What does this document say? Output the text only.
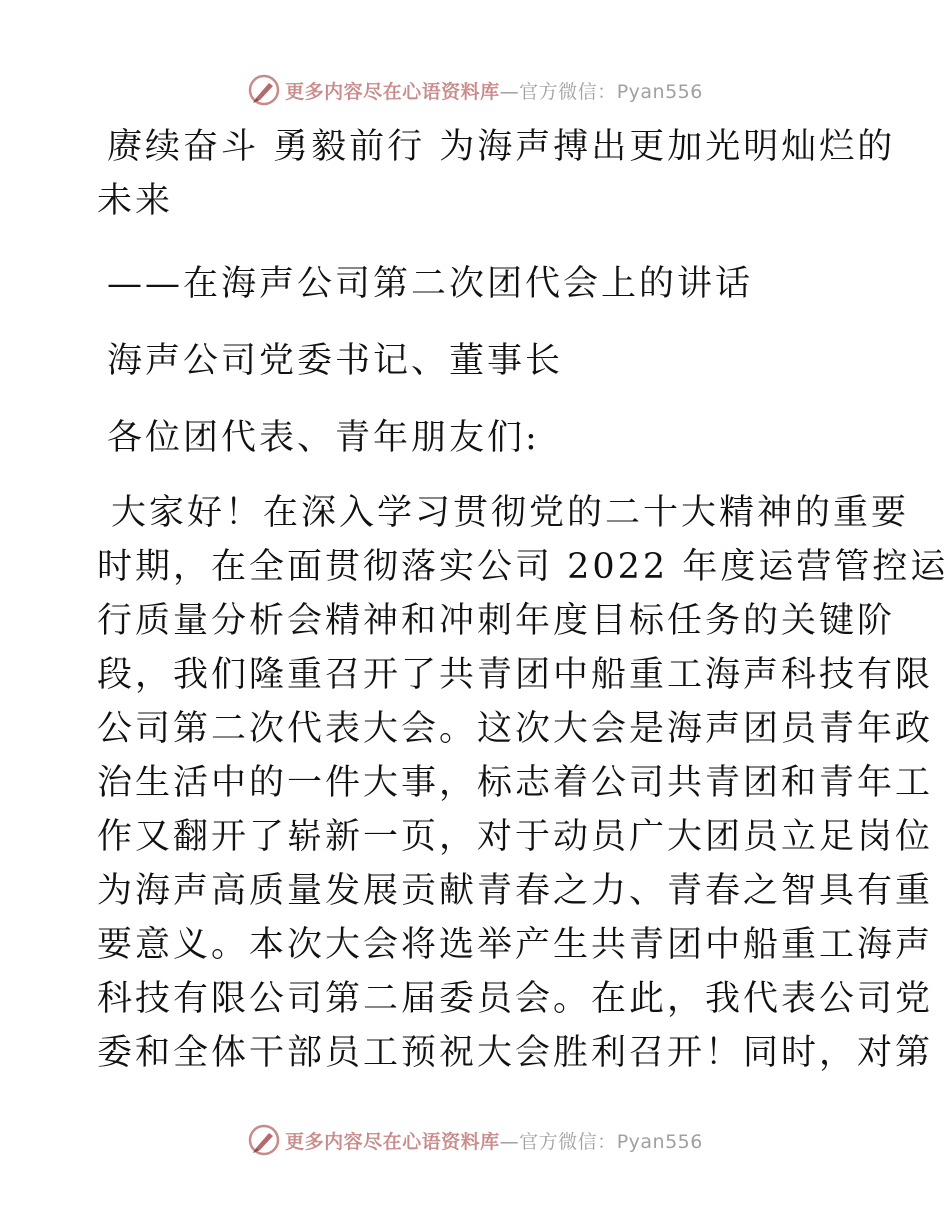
更多内容尽在心语资料库—官方微信：Pyan556
赓续奋斗 勇毅前行 为海声搏出更加光明灿烂的
未来
——在海声公司第二次团代会上的讲话
海声公司党委书记、董事长
各位团代表、青年朋友们:
大家好！在深入学习贯彻党的二十大精神的重要
时期，在全面贯彻落实公司 2022 年度运营管控运
行质量分析会精神和冲刺年度目标任务的关键阶
段，我们隆重召开了共青团中船重工海声科技有限
公司第二次代表大会。这次大会是海声团员青年政
治生活中的一件大事，标志着公司共青团和青年工
作又翻开了崭新一页，对于动员广大团员立足岗位
为海声高质量发展贡献青春之力、青春之智具有重
要意义。本次大会将选举产生共青团中船重工海声
科技有限公司第二届委员会。在此，我代表公司党
委和全体干部员工预祝大会胜利召开！同时，对第
更多内容尽在心语资料库—官方微信：Pyan556
